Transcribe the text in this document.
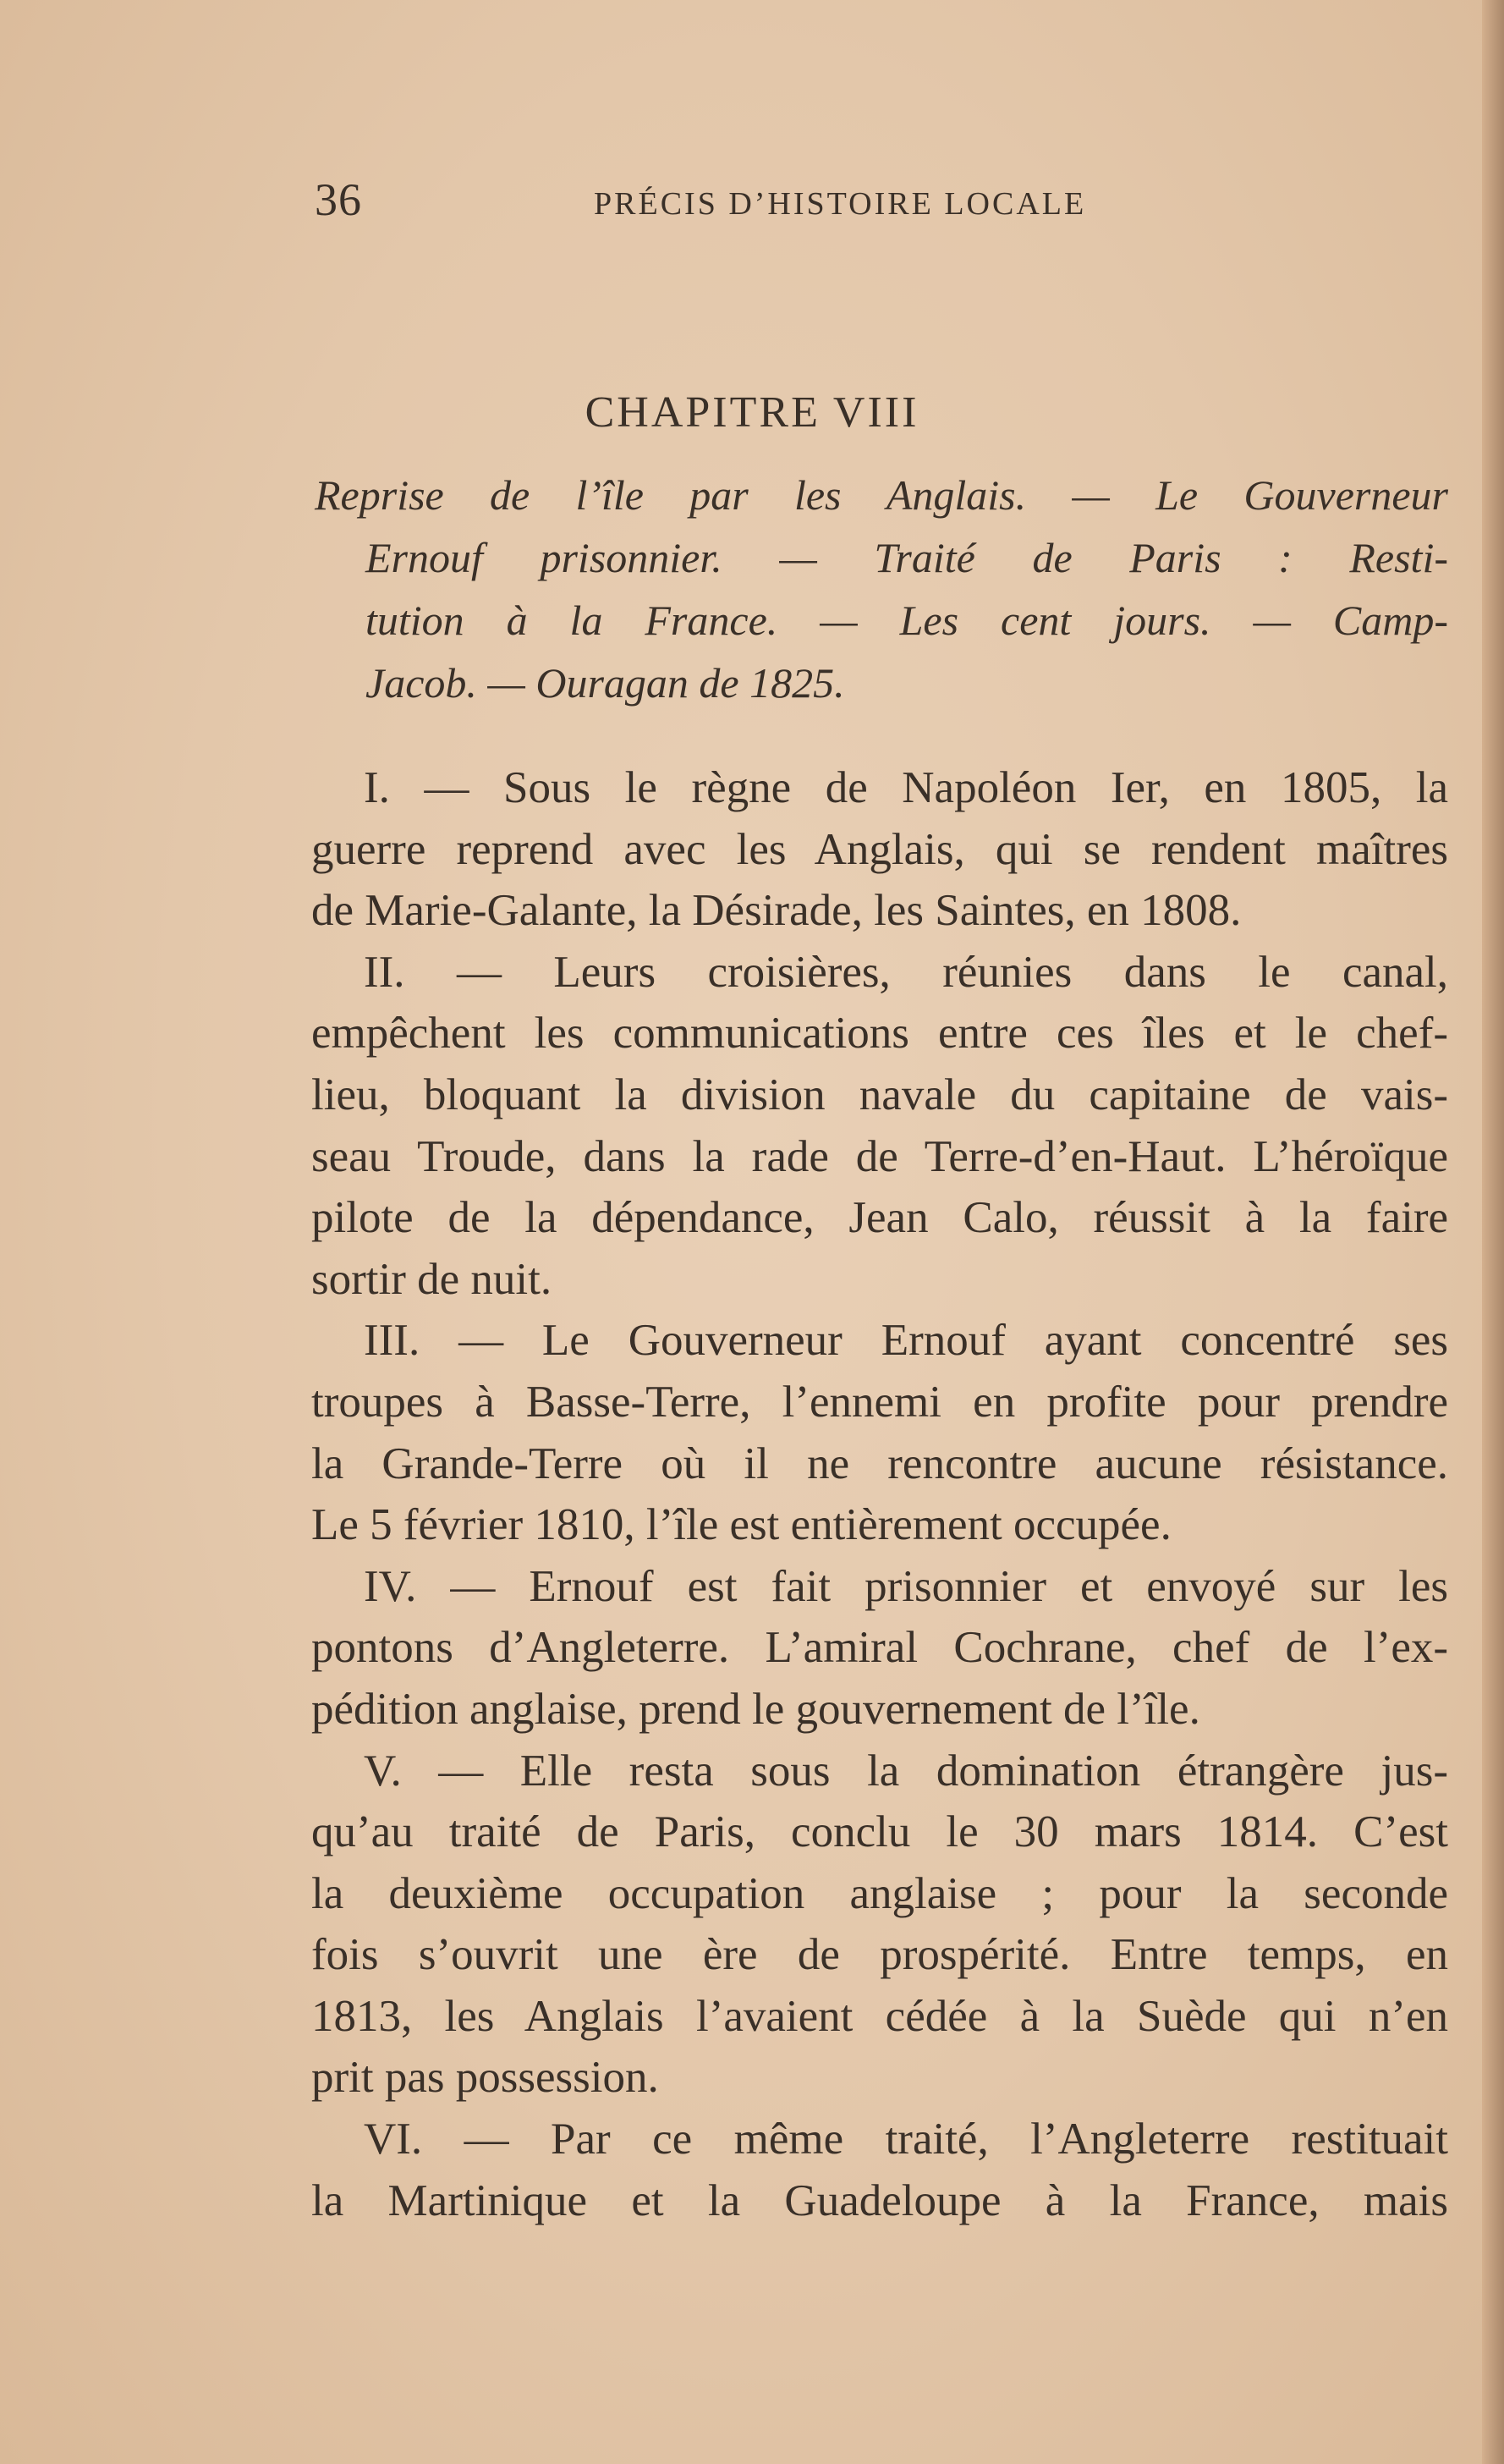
36	PRÉCIS D’HISTOIRE LOCALE
CHAPITRE VIII
Reprise de l’île par les Anglais. — Le Gouverneur
Ernouf prisonnier. — Traité de Paris : Resti-
tution à la France. — Les cent jours. — Camp-
Jacob. — Ouragan de 1825.
I. — Sous le règne de Napoléon Ier, en 1805, la
guerre reprend avec les Anglais, qui se rendent maîtres
de Marie-Galante, la Désirade, les Saintes, en 1808.
II. — Leurs croisières, réunies dans le canal,
empêchent les communications entre ces îles et le chef-
lieu, bloquant la division navale du capitaine de vais-
seau Troude, dans la rade de Terre-d’en-Haut. L’héroïque
pilote de la dépendance, Jean Calo, réussit à la faire
sortir de nuit.
III. — Le Gouverneur Ernouf ayant concentré ses
troupes à Basse-Terre, l’ennemi en profite pour prendre
la Grande-Terre où il ne rencontre aucune résistance.
Le 5 février 1810, l’île est entièrement occupée.
IV. — Ernouf est fait prisonnier et envoyé sur les
pontons d’Angleterre. L’amiral Cochrane, chef de l’ex-
pédition anglaise, prend le gouvernement de l’île.
V. — Elle resta sous la domination étrangère jus-
qu’au traité de Paris, conclu le 30 mars 1814. C’est
la deuxième occupation anglaise ; pour la seconde
fois s’ouvrit une ère de prospérité. Entre temps, en
1813, les Anglais l’avaient cédée à la Suède qui n’en
prit pas possession.
VI. — Par ce même traité, l’Angleterre restituait
la Martinique et la Guadeloupe à la France, mais
